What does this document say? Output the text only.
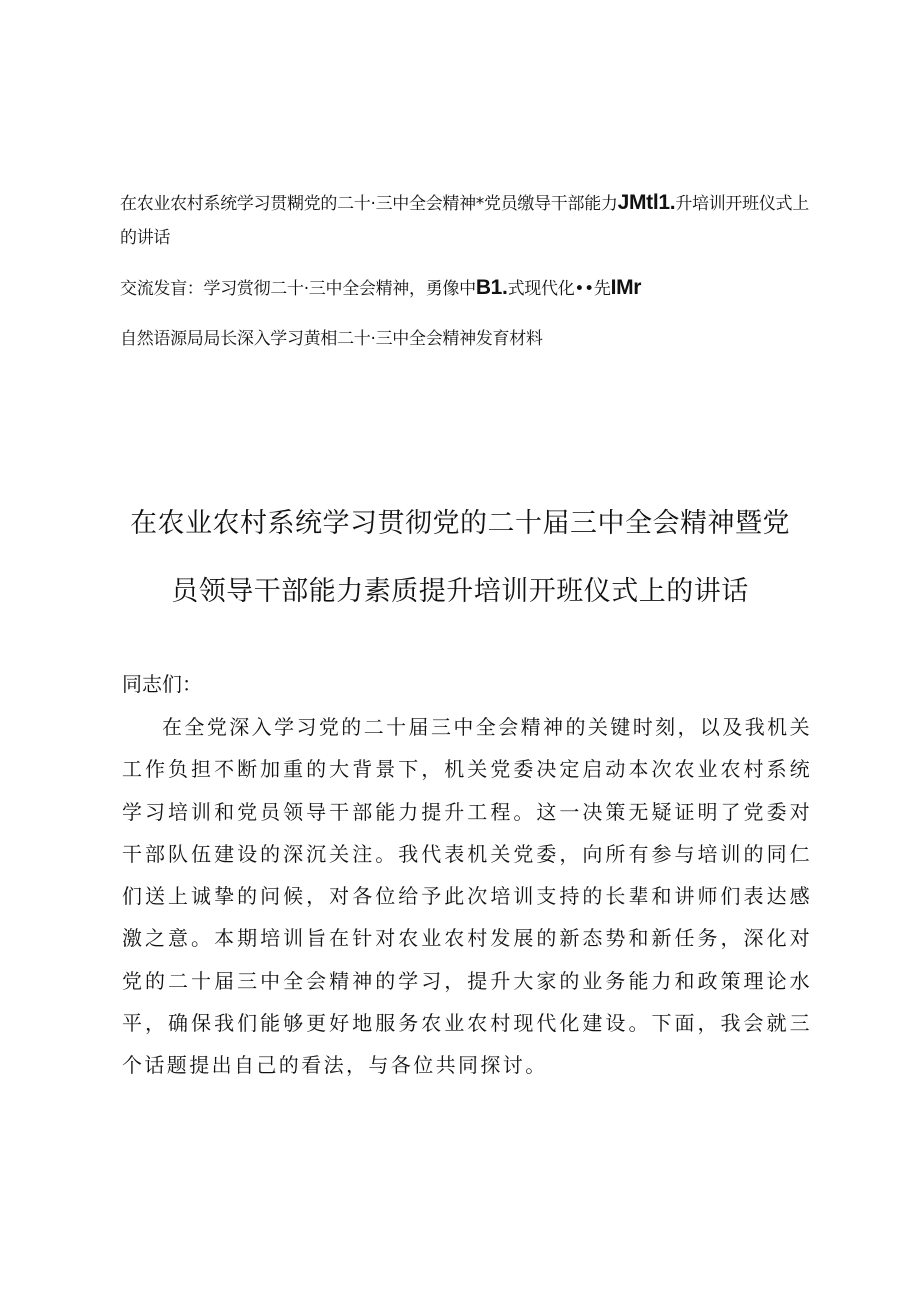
在农业农村系统学习贯糊党的二十·三中全会精神*党员缴导干部能力JMtl1.升培训开班仪式上的讲话
交流发盲：学习赏彻二十·三中全会精神，勇像中B1.式现代化••先IMr
自然语源局局长深入学习黄相二十·三中全会精神发育材料
在农业农村系统学习贯彻党的二十届三中全会精神暨党
员领导干部能力素质提升培训开班仪式上的讲话
同志们：

在全党深入学习党的二十届三中全会精神的关键时刻，以及我机关工作负担不断加重的大背景下，机关党委决定启动本次农业农村系统学习培训和党员领导干部能力提升工程。这一决策无疑证明了党委对干部队伍建设的深沉关注。我代表机关党委，向所有参与培训的同仁们送上诚挚的问候，对各位给予此次培训支持的长辈和讲师们表达感激之意。本期培训旨在针对农业农村发展的新态势和新任务，深化对党的二十届三中全会精神的学习，提升大家的业务能力和政策理论水平，确保我们能够更好地服务农业农村现代化建设。下面，我会就三个话题提出自己的看法，与各位共同探讨。
